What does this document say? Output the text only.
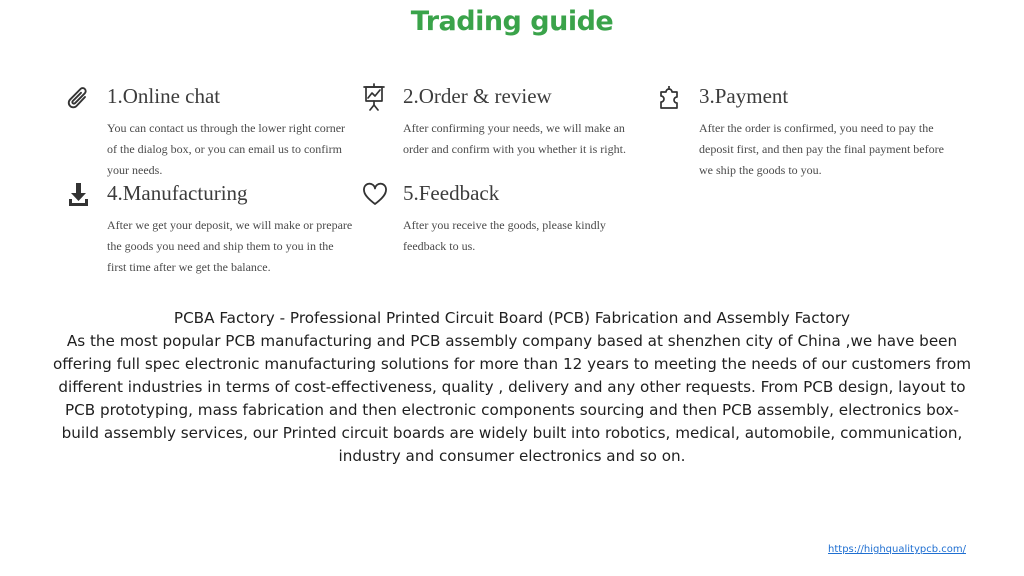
Trading guide
1.Online chat
You can contact us through the lower right corner of the dialog box, or you can email us to confirm your needs.
2.Order & review
After confirming your needs, we will make an order and confirm with you whether it is right.
3.Payment
After the order is confirmed, you need to pay the deposit first, and then pay the final payment before we ship the goods to you.
4.Manufacturing
After we get your deposit, we will make or prepare the goods you need and ship them to you in the first time after we get the balance.
5.Feedback
After you receive the goods, please kindly feedback to us.

PCBA Factory - Professional Printed Circuit Board (PCB) Fabrication and Assembly Factory

As the most popular PCB manufacturing and PCB assembly company based at shenzhen city of China ,we have been offering full spec electronic manufacturing solutions for more than 12 years to meeting the needs of our customers from different industries in terms of cost-effectiveness, quality , delivery and any other requests. From PCB design, layout to PCB prototyping, mass fabrication and then electronic components sourcing and then PCB assembly, electronics box-build assembly services, our Printed circuit boards are widely built into robotics, medical, automobile, communication, industry and consumer electronics and so on.

https://highqualitypcb.com/
